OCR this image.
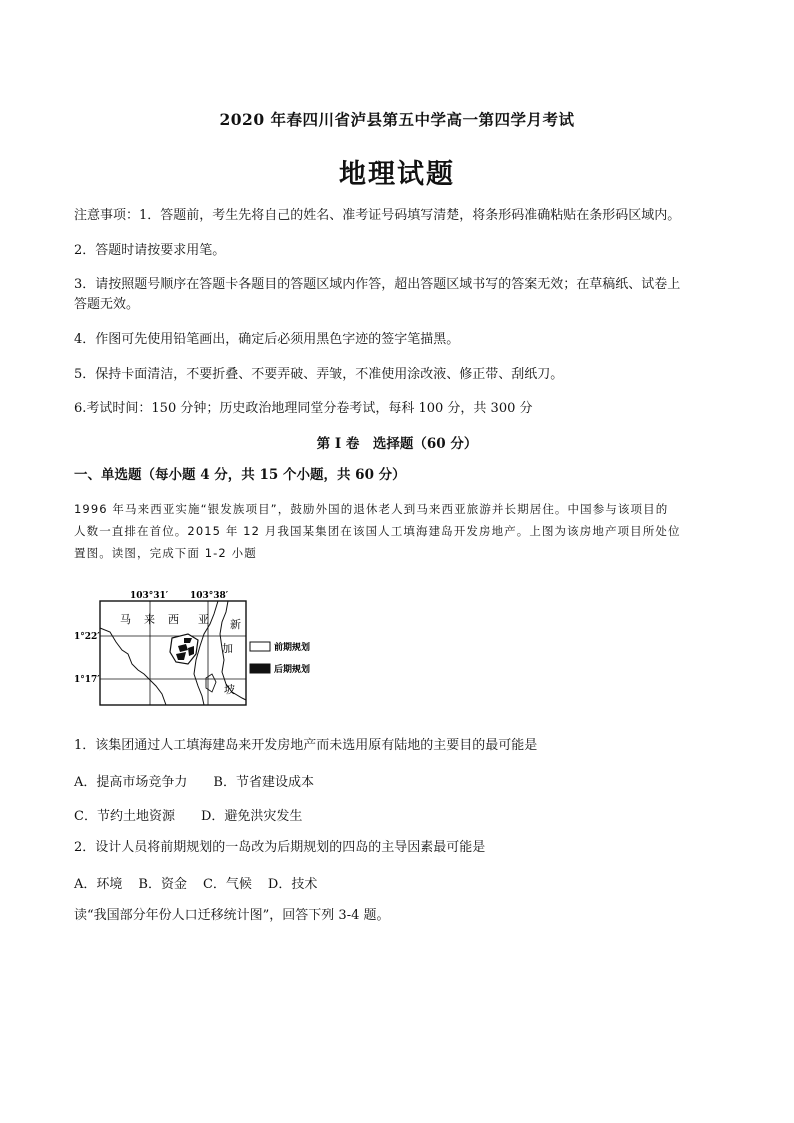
2020 年春四川省泸县第五中学高一第四学月考试
地理试题
注意事项：1．答题前，考生先将自己的姓名、准考证号码填写清楚，将条形码准确粘贴在条形码区域内。
2．答题时请按要求用笔。
3．请按照题号顺序在答题卡各题目的答题区域内作答，超出答题区域书写的答案无效；在草稿纸、试卷上
答题无效。
4．作图可先使用铅笔画出，确定后必须用黑色字迹的签字笔描黑。
5．保持卡面清洁，不要折叠、不要弄破、弄皱，不准使用涂改液、修正带、刮纸刀。
6.考试时间：150 分钟；历史政治地理同堂分卷考试，每科 100 分，共 300 分
第 I 卷　选择题（60 分）
一、单选题（每小题 4 分，共 15 个小题，共 60 分）
1996 年马来西亚实施“银发族项目”，鼓励外国的退休老人到马来西亚旅游并长期居住。中国参与该项目的
人数一直排在首位。2015 年 12 月我国某集团在该国人工填海建岛开发房地产。上图为该房地产项目所处位
置图。读图，完成下面 1-2 小题
103°31′ 103°38′
1°22′
1°17′
马 来 西 亚 新
加
坡
前期规划
后期规划
1．该集团通过人工填海建岛来开发房地产而未选用原有陆地的主要目的最可能是
A．提高市场竞争力 B．节省建设成本
C．节约土地资源 D．避免洪灾发生
2．设计人员将前期规划的一岛改为后期规划的四岛的主导因素最可能是
A．环境 B．资金 C．气候 D．技术
读“我国部分年份人口迁移统计图”，回答下列 3-4 题。
